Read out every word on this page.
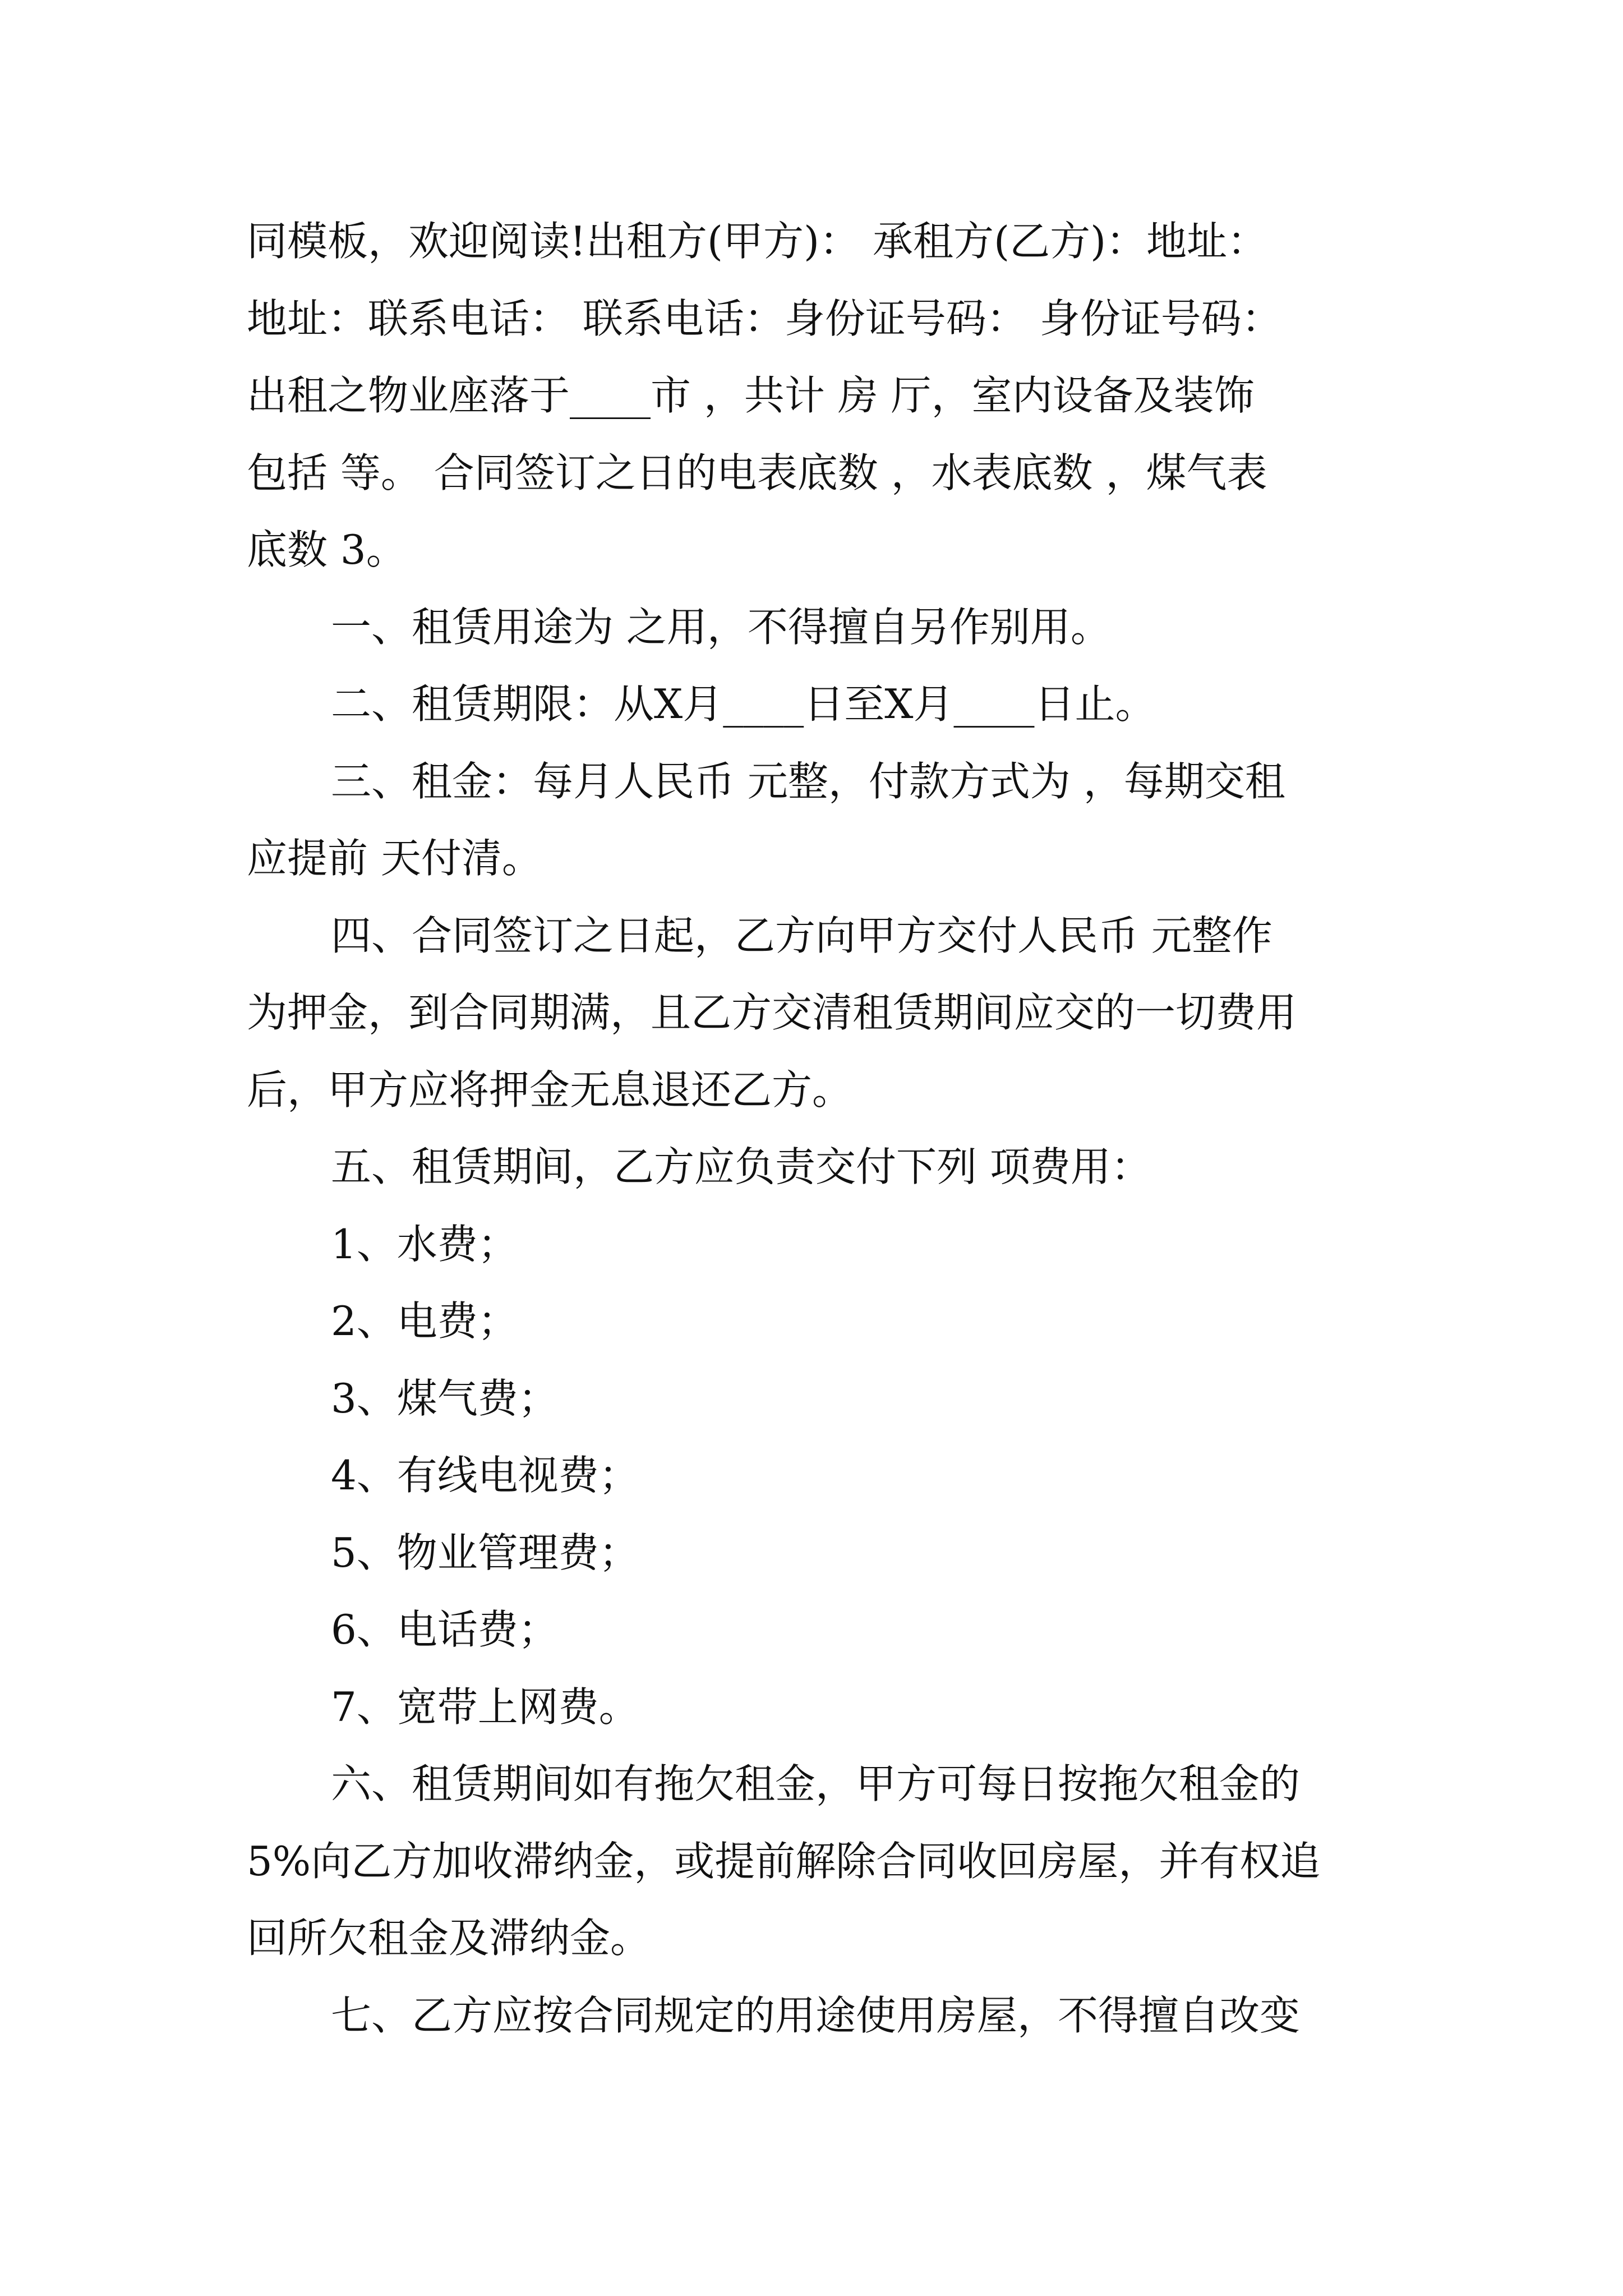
同模板，欢迎阅读!出租方(甲方)： 承租方(乙方)：地址：

地址：联系电话： 联系电话：身份证号码： 身份证号码：

出租之物业座落于____市 ，共计 房 厅，室内设备及装饰

包括 等。 合同签订之日的电表底数 ，水表底数 ，煤气表

底数 3。

一、租赁用途为 之用，不得擅自另作别用。

二、租赁期限：从X月____日至X月____日止。

三、租金：每月人民币 元整，付款方式为 ，每期交租

应提前 天付清。

四、合同签订之日起，乙方向甲方交付人民币 元整作

为押金，到合同期满，且乙方交清租赁期间应交的一切费用

后，甲方应将押金无息退还乙方。

五、租赁期间，乙方应负责交付下列 项费用：

1、水费；

2、电费；

3、煤气费；

4、有线电视费；

5、物业管理费；

6、电话费；

7、宽带上网费。

六、租赁期间如有拖欠租金，甲方可每日按拖欠租金的

5%向乙方加收滞纳金，或提前解除合同收回房屋，并有权追

回所欠租金及滞纳金。

七、乙方应按合同规定的用途使用房屋，不得擅自改变
